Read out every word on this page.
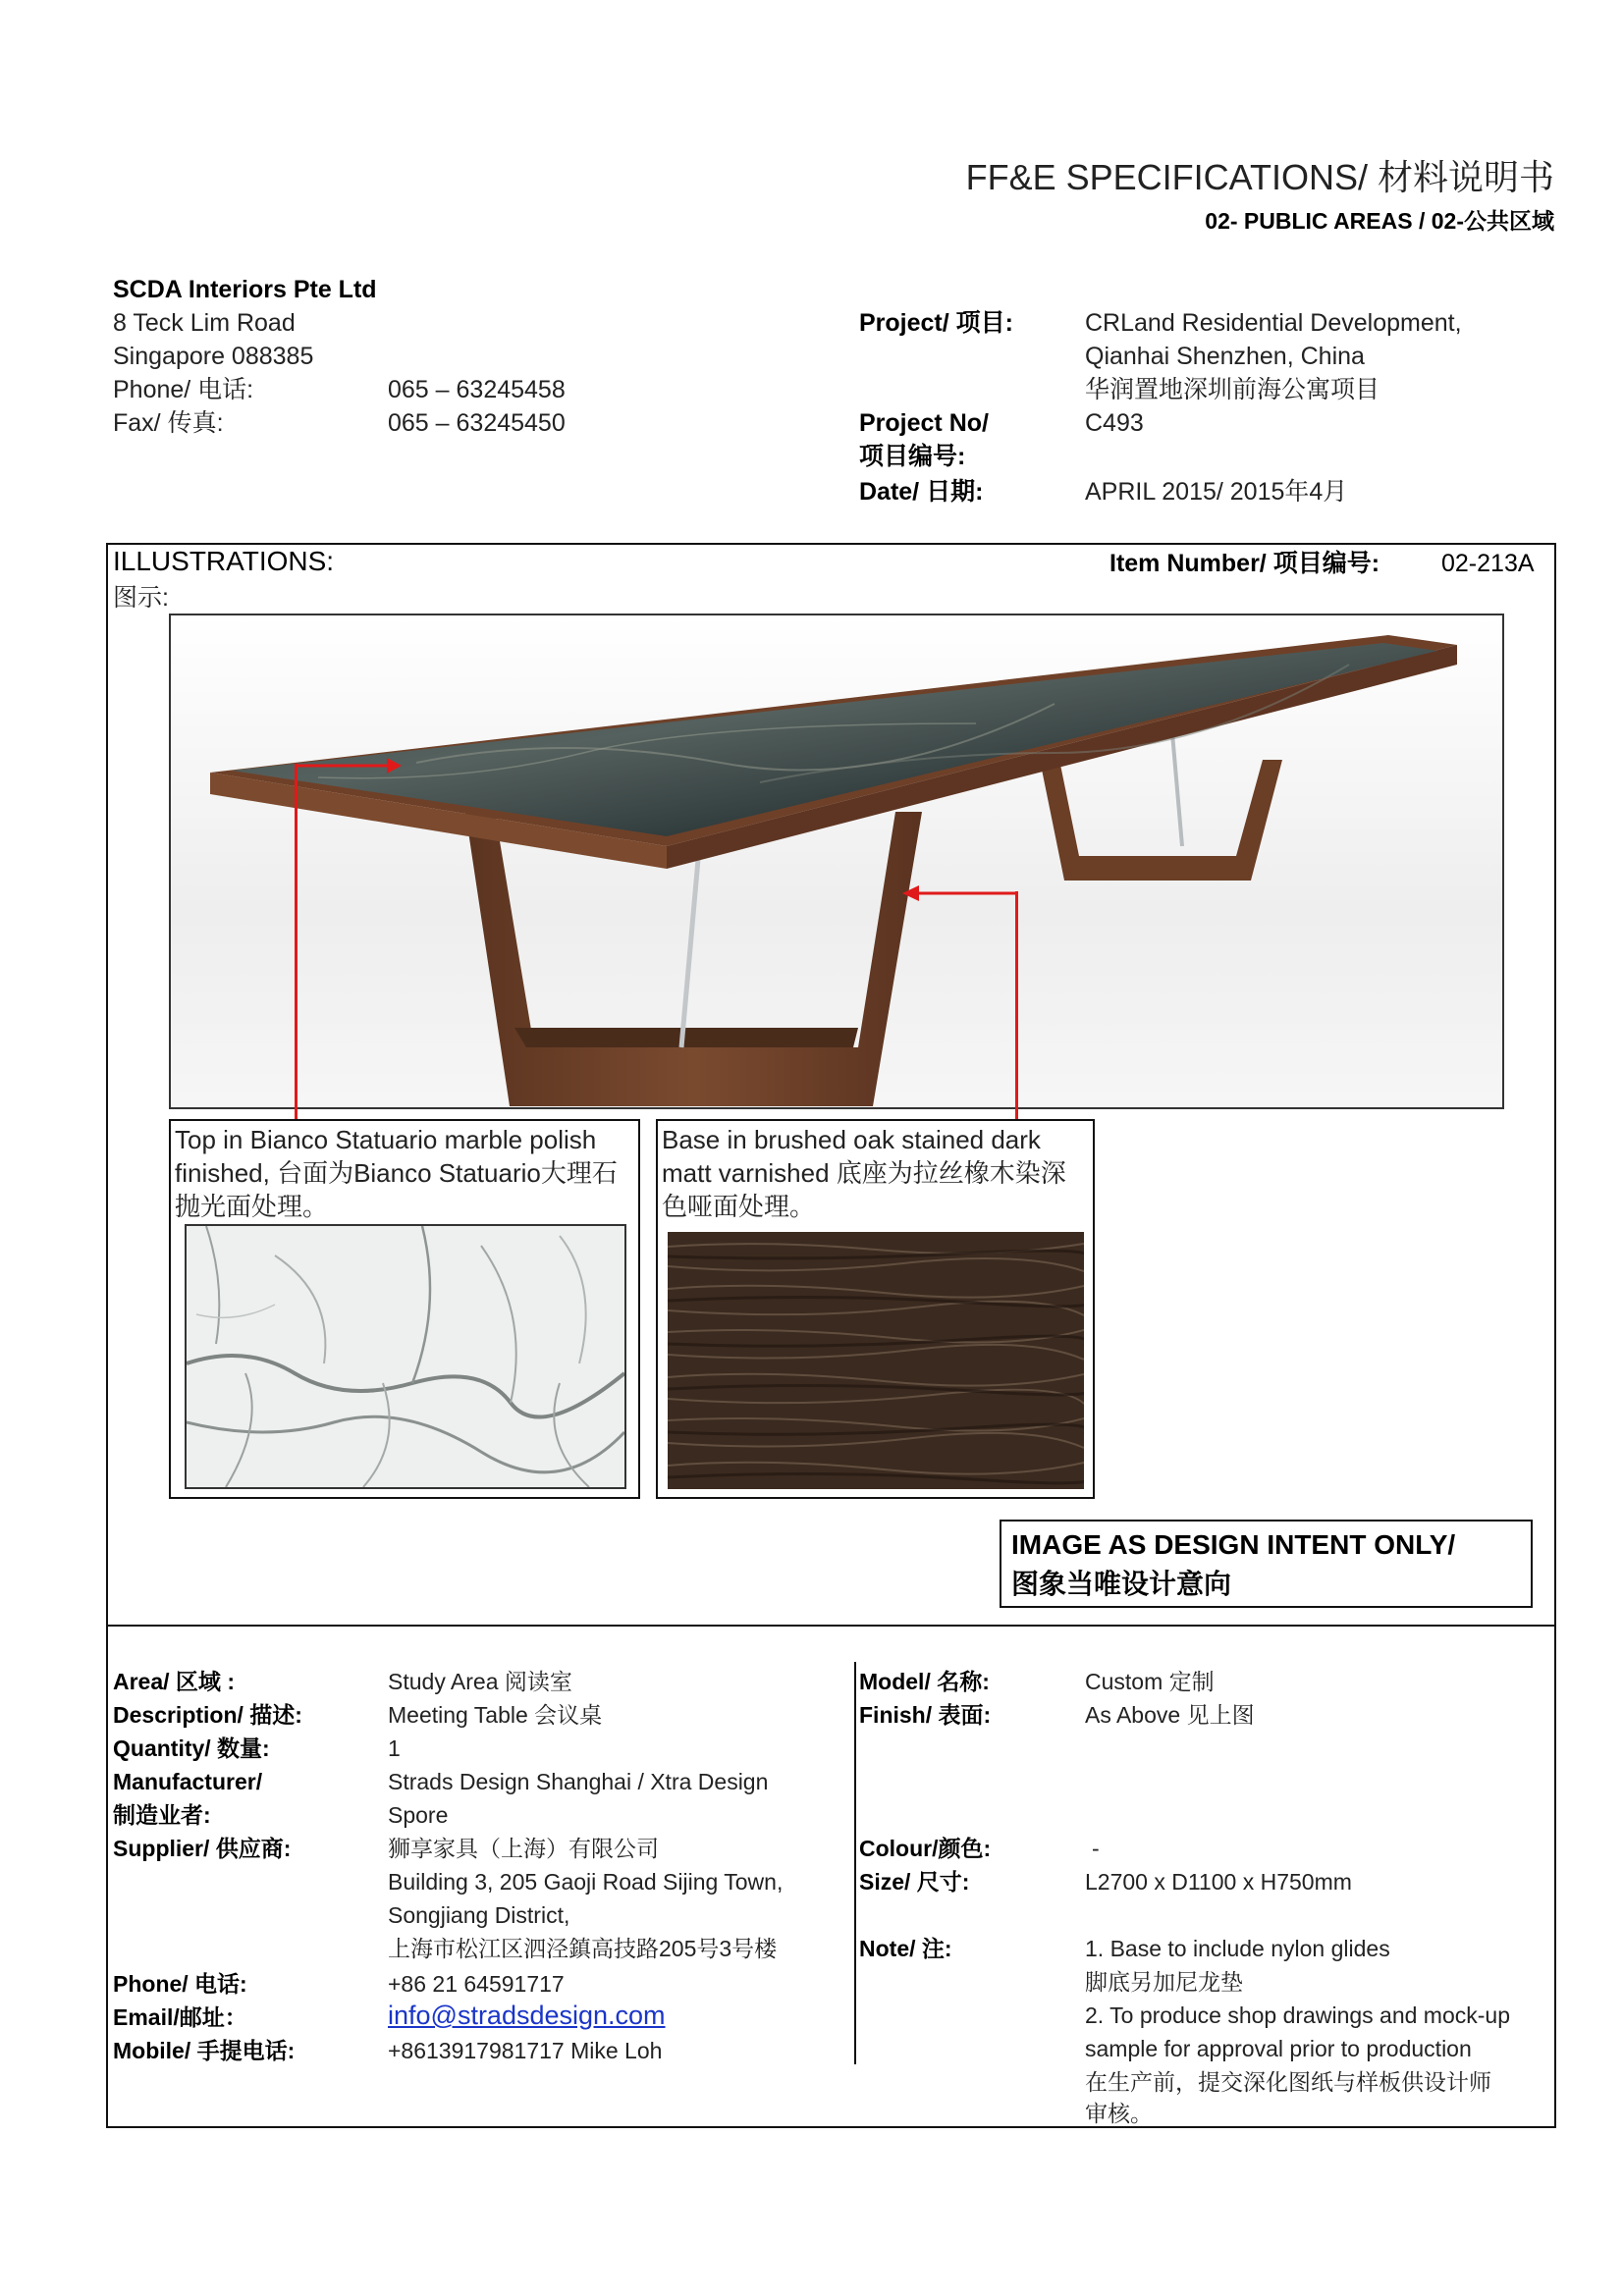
FF&E SPECIFICATIONS/ 材料说明书
02- PUBLIC AREAS / 02-公共区域
SCDA Interiors Pte Ltd
8 Teck Lim Road
Singapore 088385
Phone/ 电话:	065 – 63245458
Fax/ 传真:	065 – 63245450
Project/ 项目:	CRLand Residential Development,
Qianhai Shenzhen, China
华润置地深圳前海公寓项目
Project No/
项目编号:
C493
Date/ 日期:	APRIL 2015/ 2015年4月
ILLUSTRATIONS:
图示:
Item Number/ 项目编号:	02-213A
Top in Bianco Statuario marble polish finished, 台面为Bianco Statuario大理石抛光面处理。
Base in brushed oak stained dark matt varnished 底座为拉丝橡木染深色哑面处理。
IMAGE AS DESIGN INTENT ONLY/
图象当唯设计意向
Area/ 区域 :	Study Area 阅读室
Description/ 描述:	Meeting Table 会议桌
Quantity/ 数量:	1
Manufacturer/
制造业者:
Strads Design Shanghai / Xtra Design
Spore
Supplier/ 供应商:	狮享家具（上海）有限公司
Building 3, 205 Gaoji Road Sijing Town,
Songjiang District,
上海市松江区泗泾鎮高技路205号3号楼
Phone/ 电话:	+86 21 64591717
Email/邮址：	info@stradsdesign.com
Mobile/ 手提电话:	+8613917981717 Mike Loh
Model/ 名称:	Custom 定制
Finish/ 表面:	As Above 见上图
Colour/颜色:	-
Size/ 尺寸:	L2700 x D1100 x H750mm
Note/ 注:	1. Base to include nylon glides
脚底另加尼龙垫
2. To produce shop drawings and mock-up
sample for approval prior to production
在生产前，提交深化图纸与样板供设计师
审核。
